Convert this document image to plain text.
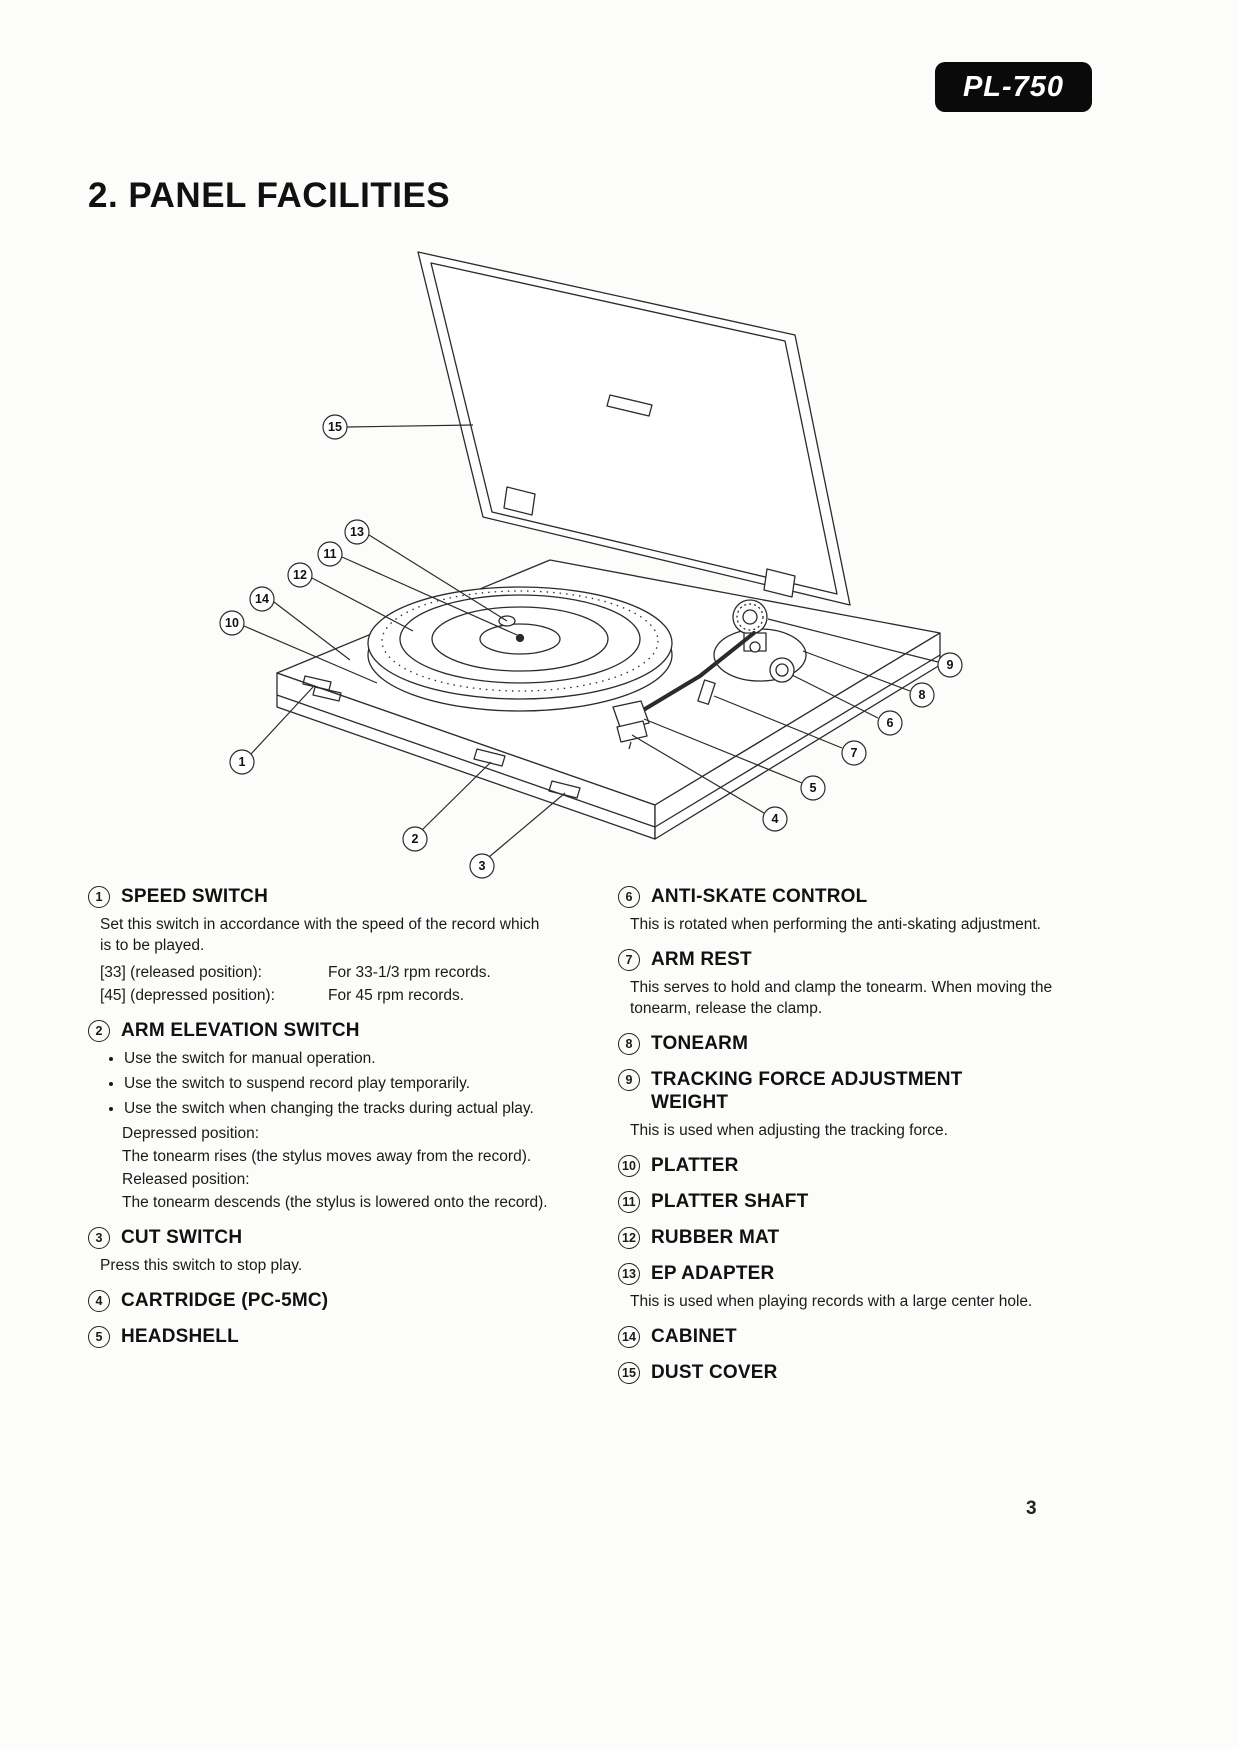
PL-750
2. PANEL FACILITIES
15
13
11
12
14
10
1
2
3
4
5
7
6
8
9
1 SPEED SWITCH

Set this switch in accordance with the speed of the record which is to be played.

[33] (released position):	For 33-1/3 rpm records.
[45] (depressed position):	For 45 rpm records.
2 ARM ELEVATION SWITCH
• Use the switch for manual operation.
• Use the switch to suspend record play temporarily.
• Use the switch when changing the tracks during actual play.

Depressed position:

The tonearm rises (the stylus moves away from the record).

Released position:

The tonearm descends (the stylus is lowered onto the record).

3 CUT SWITCH

Press this switch to stop play.

4 CARTRIDGE (PC-5MC)
5 HEADSHELL
6 ANTI-SKATE CONTROL

This is rotated when performing the anti-skating adjustment.

7 ARM REST

This serves to hold and clamp the tonearm. When moving the tonearm, release the clamp.

8 TONEARM
9 TRACKING FORCE ADJUSTMENT WEIGHT

This is used when adjusting the tracking force.

10 PLATTER
11 PLATTER SHAFT
12 RUBBER MAT
13 EP ADAPTER

This is used when playing records with a large center hole.

14 CABINET
15 DUST COVER
3
